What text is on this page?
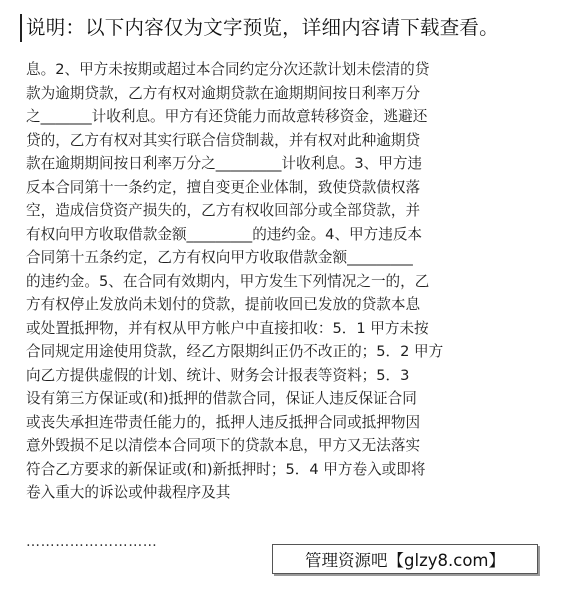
说明：以下内容仅为文字预览，详细内容请下载查看。
息。2、甲方未按期或超过本合同约定分次还款计划未偿清的贷
款为逾期贷款，乙方有权对逾期贷款在逾期期间按日利率万分
之_______计收利息。甲方有还贷能力而故意转移资金，逃避还
贷的，乙方有权对其实行联合信贷制裁，并有权对此种逾期贷
款在逾期期间按日利率万分之_________计收利息。3、甲方违
反本合同第十一条约定，擅自变更企业体制，致使贷款债权落
空，造成信贷资产损失的，乙方有权收回部分或全部贷款，并
有权向甲方收取借款金额_________的违约金。4、甲方违反本
合同第十五条约定，乙方有权向甲方收取借款金额_________
的违约金。5、在合同有效期内，甲方发生下列情况之一的，乙
方有权停止发放尚未划付的贷款，提前收回已发放的贷款本息
或处置抵押物，并有权从甲方帐户中直接扣收：5．1 甲方未按
合同规定用途使用贷款，经乙方限期纠正仍不改正的；5．2 甲方
向乙方提供虚假的计划、统计、财务会计报表等资料；5．3
设有第三方保证或(和)抵押的借款合同，保证人违反保证合同
或丧失承担连带责任能力的，抵押人违反抵押合同或抵押物因
意外毁损不足以清偿本合同项下的贷款本息，甲方又无法落实
符合乙方要求的新保证或(和)新抵押时；5．4 甲方卷入或即将
卷入重大的诉讼或仲裁程序及其
………………………
管理资源吧【glzy8.com】
